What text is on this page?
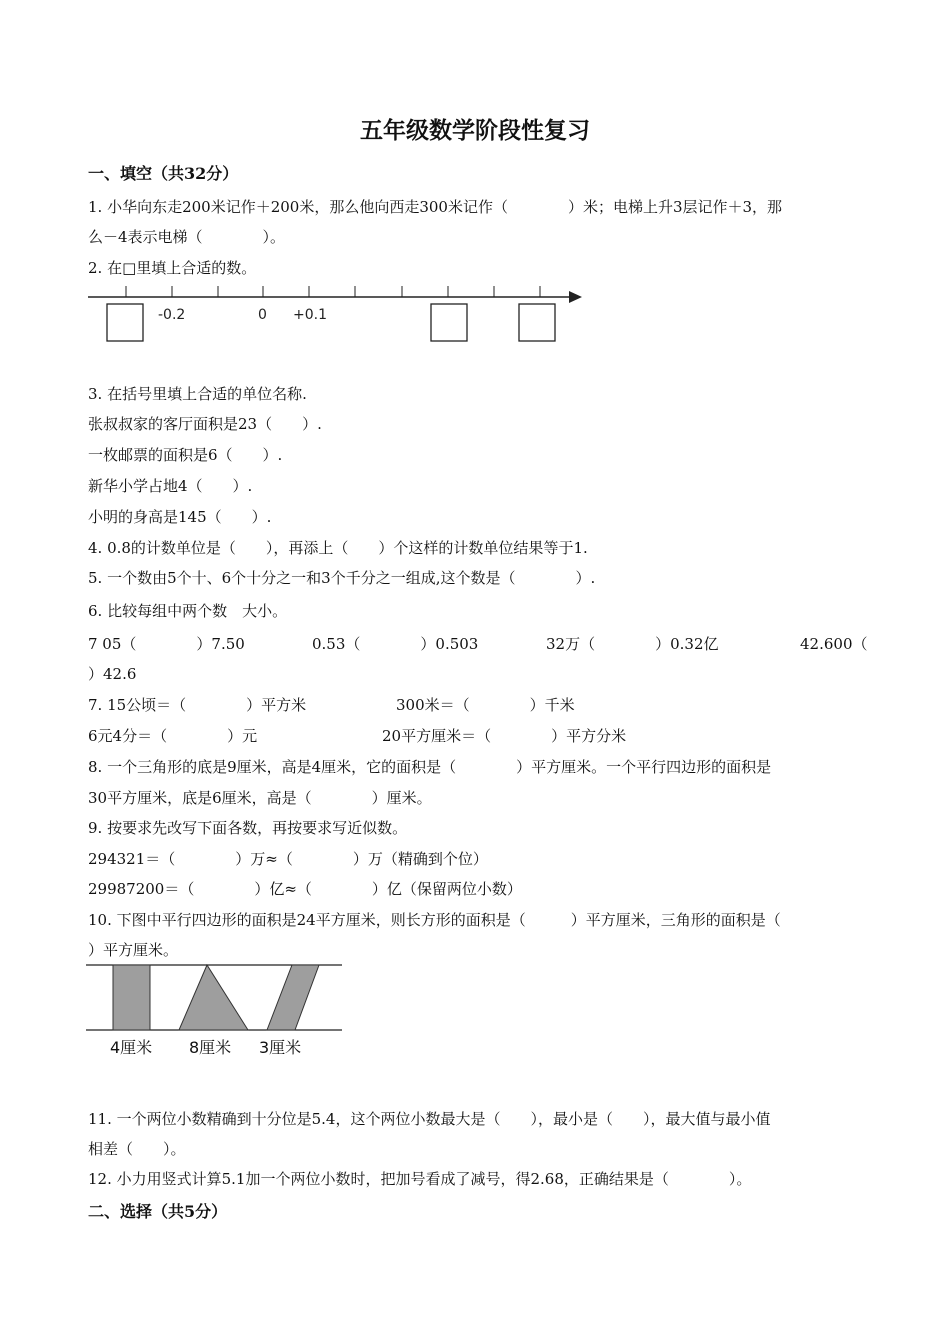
五年级数学阶段性复习
一、填空（共32分）
1. 小华向东走200米记作＋200米，那么他向西走300米记作（　　　　）米；电梯上升3层记作＋3，那
么－4表示电梯（　　　　）。
2. 在□里填上合适的数。
-0.2	0 +0.1
3. 在括号里填上合适的单位名称.
张叔叔家的客厅面积是23（　　）.
一枚邮票的面积是6（　　）.
新华小学占地4（　　）.
小明的身高是145（　　）.
4. 0.8的计数单位是（　　），再添上（　　）个这样的计数单位结果等于1.
5. 一个数由5个十、6个十分之一和3个千分之一组成,这个数是（　　　　）.
6. 比较每组中两个数　大小。
7 05（　　　　）7.50	0.53（　　　　）0.503	32万（　　　　）0.32亿	42.600（
）42.6
7. 15公顷＝（　　　　）平方米	300米＝（　　　　）千米
6元4分＝（　　　　）元	20平方厘米＝（　　　　）平方分米
8. 一个三角形的底是9厘米，高是4厘米，它的面积是（　　　　）平方厘米。一个平行四边形的面积是
30平方厘米，底是6厘米，高是（　　　　）厘米。
9. 按要求先改写下面各数，再按要求写近似数。
294321＝（　　　　）万≈（　　　　）万（精确到个位）
29987200＝（　　　　）亿≈（　　　　）亿（保留两位小数）
10. 下图中平行四边形的面积是24平方厘米，则长方形的面积是（　　　）平方厘米，三角形的面积是（
）平方厘米。
4厘米 8厘米 3厘米
11. 一个两位小数精确到十分位是5.4，这个两位小数最大是（　　），最小是（　　），最大值与最小值
相差（　　）。
12. 小力用竖式计算5.1加一个两位小数时，把加号看成了减号，得2.68，正确结果是（　　　　）。
二、选择（共5分）
